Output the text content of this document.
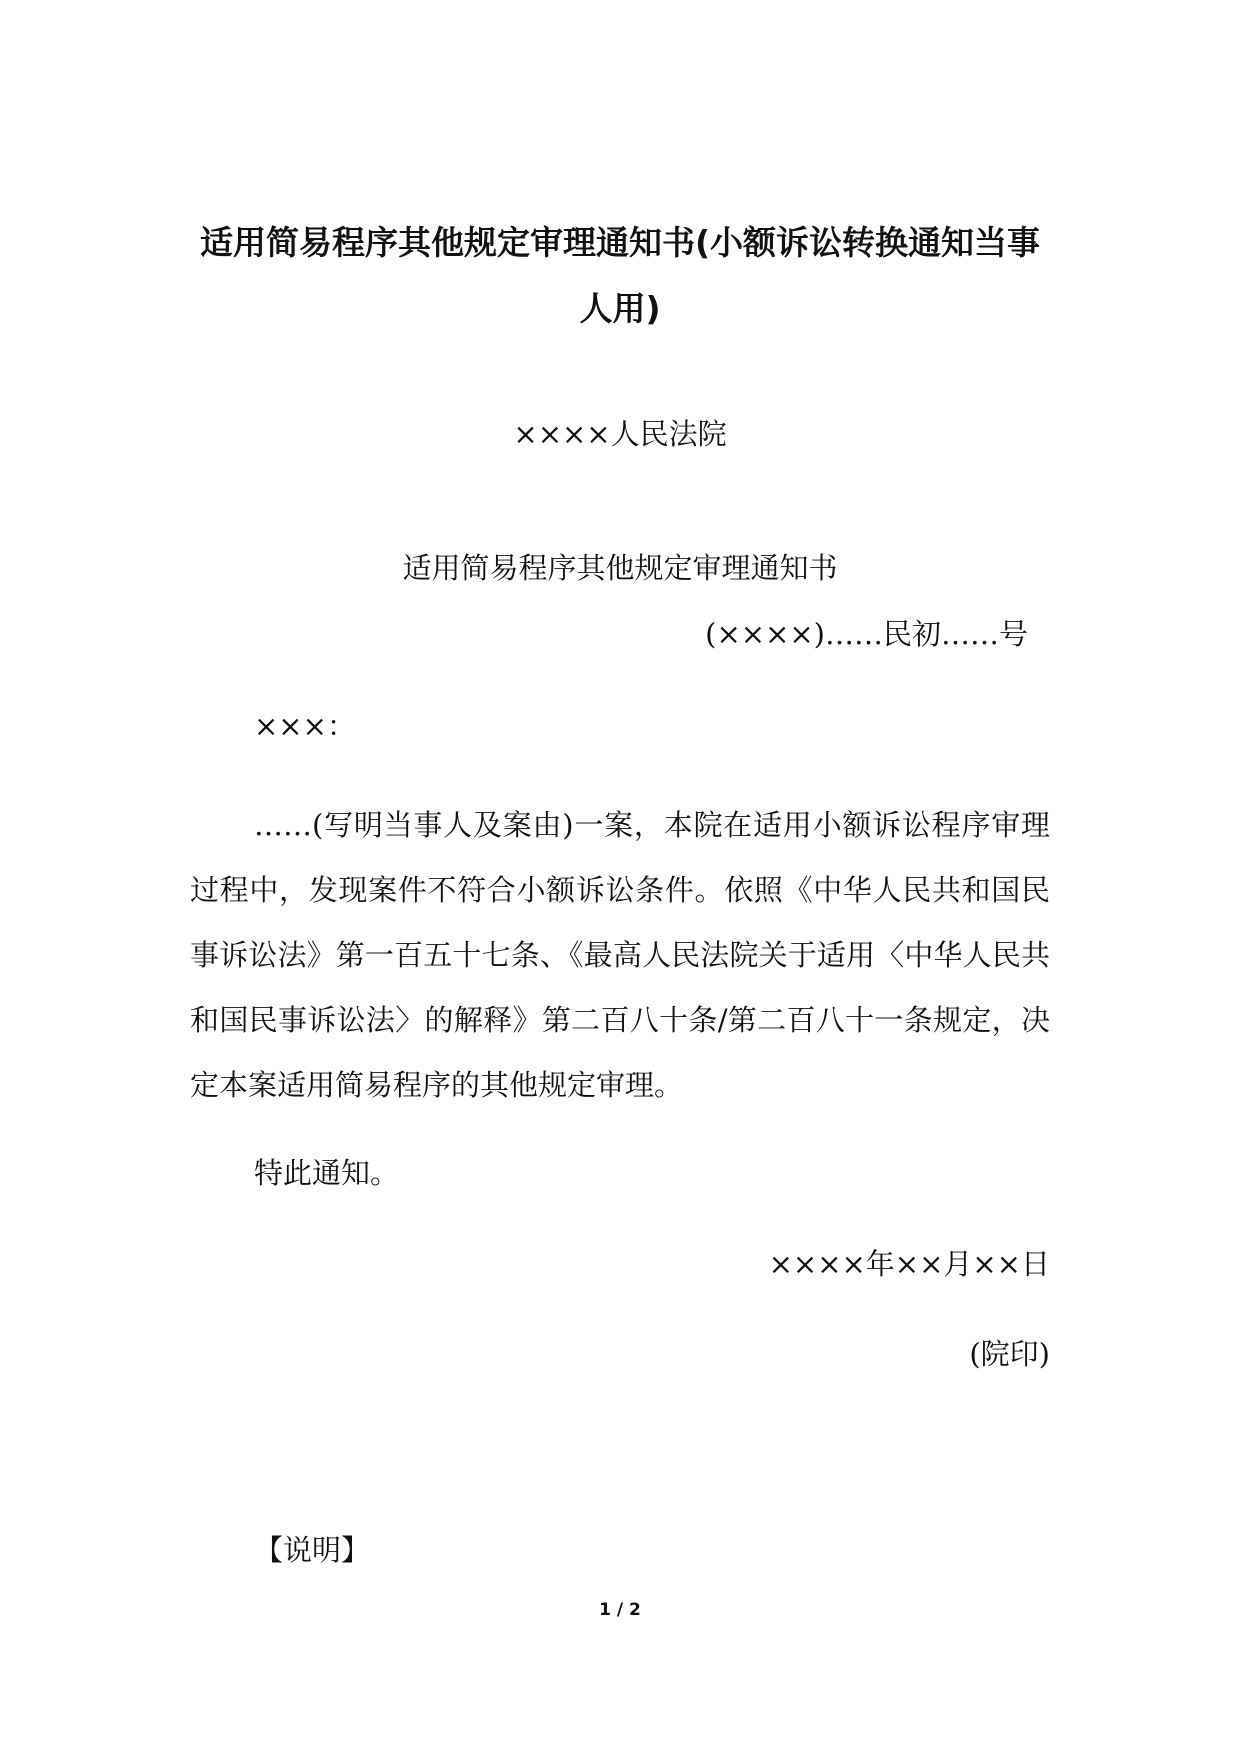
适用简易程序其他规定审理通知书(小额诉讼转换通知当事人用)
××××人民法院
适用简易程序其他规定审理通知书
(××××)……民初……号
×××：

……(写明当事人及案由)一案，本院在适用小额诉讼程序审理过程中，发现案件不符合小额诉讼条件。依照《中华人民共和国民事诉讼法》第一百五十七条、《最高人民法院关于适用〈中华人民共和国民事诉讼法〉的解释》第二百八十条/第二百八十一条规定，决定本案适用简易程序的其他规定审理。

特此通知。
××××年××月××日
(院印)
【说明】
1 / 2
